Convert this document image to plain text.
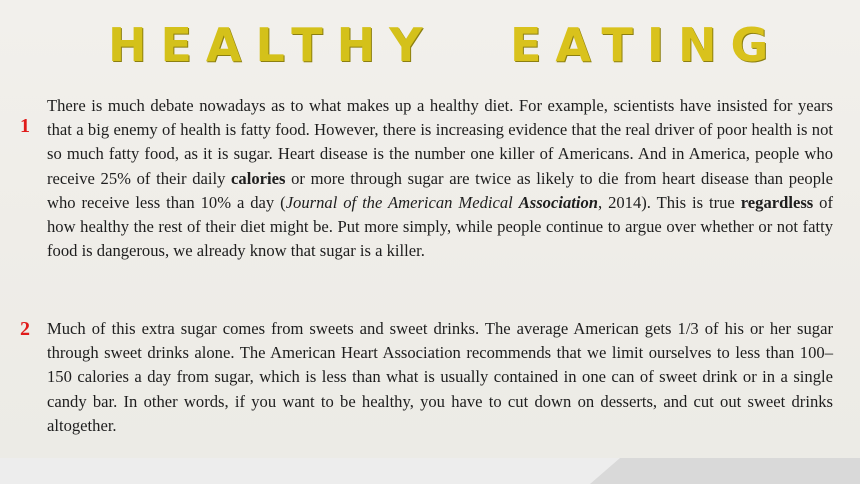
HEALTHY EATING
1
There is much debate nowadays as to what makes up a healthy diet. For example, scientists have insisted for years that a big enemy of health is fatty food. However, there is increasing evidence that the real driver of poor health is not so much fatty food, as it is sugar. Heart disease is the number one killer of Americans. And in America, people who receive 25% of their daily calories or more through sugar are twice as likely to die from heart disease than people who receive less than 10% a day (Journal of the American Medical Association, 2014). This is true regardless of how healthy the rest of their diet might be. Put more simply, while people continue to argue over whether or not fatty food is dangerous, we already know that sugar is a killer.
2 Much of this extra sugar comes from sweets and sweet drinks. The average American gets 1/3 of his or her sugar through sweet drinks alone. The American Heart Association recommends that we limit ourselves to less than 100–150 calories a day from sugar, which is less than what is usually contained in one can of sweet drink or in a single candy bar. In other words, if you want to be healthy, you have to cut down on desserts, and cut out sweet drinks altogether.
